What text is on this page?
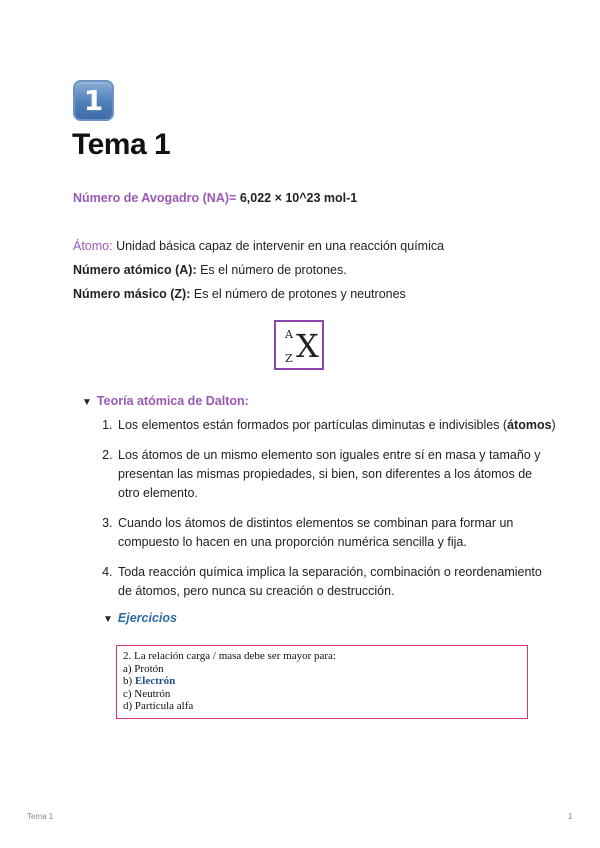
1
Tema 1
Número de Avogadro (NA)= 6,022 × 10^23 mol-1
Átomo: Unidad básica capaz de intervenir en una reacción química
Número atómico (A): Es el número de protones.
Número másico (Z): Es el número de protones y neutrones
A
Z X
▼ Teoría atómica de Dalton:
1. Los elementos están formados por partículas diminutas e indivisibles (átomos)
2. Los átomos de un mismo elemento son iguales entre sí en masa y tamaño y presentan las mismas propiedades, si bien, son diferentes a los átomos de otro elemento.
3. Cuando los átomos de distintos elementos se combinan para formar un compuesto lo hacen en una proporción numérica sencilla y fija.
4. Toda reacción química implica la separación, combinación o reordenamiento de átomos, pero nunca su creación o destrucción.
▼ Ejercicios
2. La relación carga / masa debe ser mayor para:
a) Protón
b) Electrón
c) Neutrón
d) Partícula alfa
Tema 1	1
